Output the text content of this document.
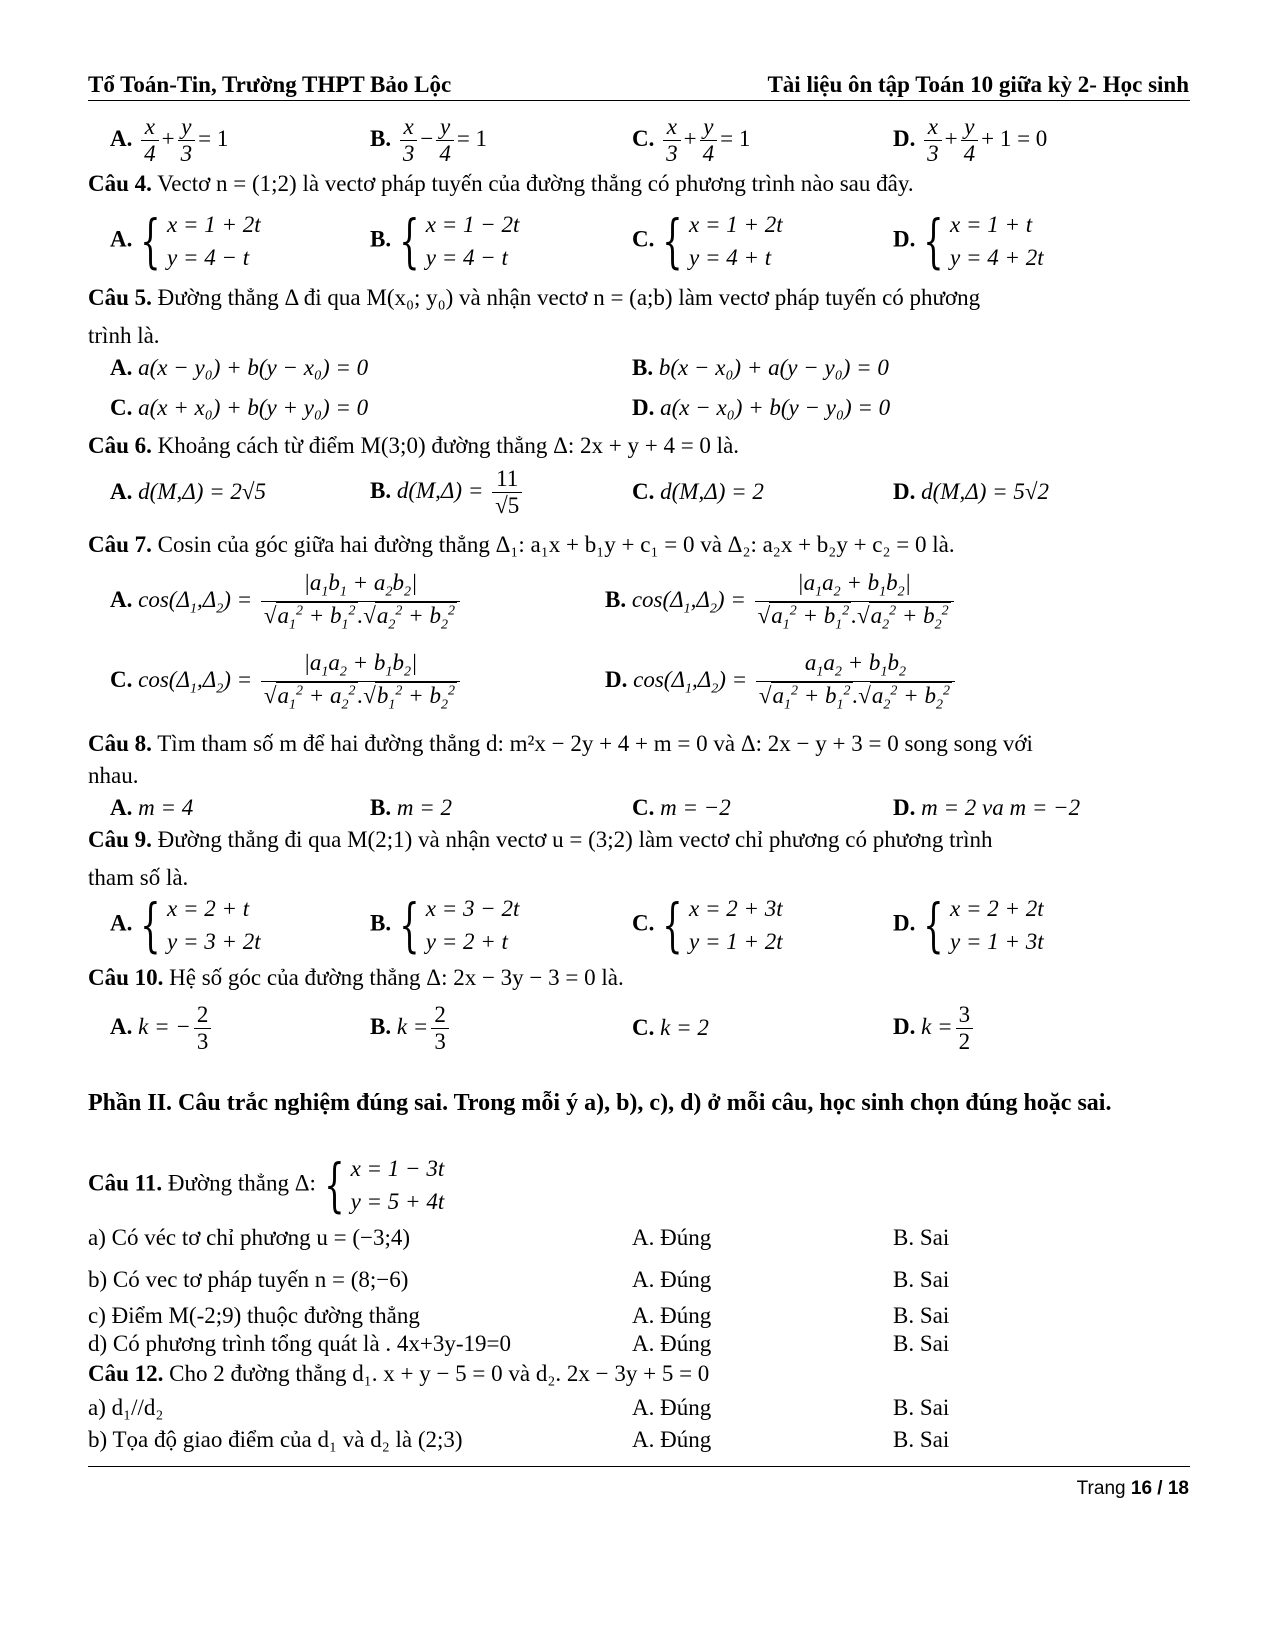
Tổ Toán-Tin, Trường THPT Bảo Lộc	Tài liệu ôn tập Toán 10 giữa kỳ 2- Học sinh
A. $\frac{x}{4} + \frac{y}{3} = 1$	B. $\frac{x}{3} - \frac{y}{4} = 1$	C. $\frac{x}{3} + \frac{y}{4} = 1$	D. $\frac{x}{3} + \frac{y}{4} + 1 = 0$
Câu 4. Vectơ n = (1;2) là vectơ pháp tuyến của đường thẳng có phương trình nào sau đây.
A. { x = 1 + 2t
y = 4 − t
B. { x = 1 − 2t
y = 4 − t
C. { x = 1 + 2t
y = 4 + t
D. { x = 1 + t
y = 4 + 2t
Câu 5. Đường thẳng Δ đi qua M(x₀; y₀) và nhận vectơ n = (a;b) làm vectơ pháp tuyến có phương
trình là.
A. a(x − y₀) + b(y − x₀) = 0	B. b(x − x₀) + a(y − y₀) = 0
C. a(x + x₀) + b(y + y₀) = 0	D. a(x − x₀) + b(y − y₀) = 0
Câu 6. Khoảng cách từ điểm M(3;0) đường thẳng Δ: 2x + y + 4 = 0 là.
A. d(M,Δ) = 2√5	B. $d(M,\Delta) = \frac{11}{√5}$	C. d(M,Δ) = 2	D. d(M,Δ) = 5√2
Câu 7. Cosin của góc giữa hai đường thẳng Δ₁: a₁x + b₁y + c₁ = 0 và Δ₂: a₂x + b₂y + c₂ = 0 là.
A. $\cos(\Delta_1,\Delta_2) = \frac{|a_1b_1 + a_2b_2|}{√a_1^2 + b_1^2.√a_2^2 + b_2^2}$	B. $\cos(\Delta_1,\Delta_2) = \frac{|a_1a_2 + b_1b_2|}{√a_1^2 + b_1^2.√a_2^2 + b_2^2}$
C. $\cos(\Delta_1,\Delta_2) = \frac{|a_1a_2 + b_1b_2|}{√a_1^2 + a_2^2.√b_1^2 + b_2^2}$	D. $\cos(\Delta_1,\Delta_2) = \frac{a_1a_2 + b_1b_2}{√a_1^2 + b_1^2.√a_2^2 + b_2^2}$
Câu 8. Tìm tham số m để hai đường thẳng d: m²x − 2y + 4 + m = 0 và Δ: 2x − y + 3 = 0 song song với
nhau.
A. m = 4	B. m = 2	C. m = −2	D. m = 2 va m = −2
Câu 9. Đường thẳng đi qua M(2;1) và nhận vectơ u = (3;2) làm vectơ chỉ phương có phương trình
tham số là.
A. { x = 2 + t
y = 3 + 2t
B. { x = 3 − 2t
y = 2 + t
C. { x = 2 + 3t
y = 1 + 2t
D. { x = 2 + 2t
y = 1 + 3t
Câu 10. Hệ số góc của đường thẳng Δ: 2x − 3y − 3 = 0 là.
A. k = − $\frac{2}{3}$	B. $k = \frac{2}{3}$	C. k = 2	D. $k = \frac{3}{2}$
Phần II. Câu trắc nghiệm đúng sai. Trong mỗi ý a), b), c), d) ở mỗi câu, học sinh chọn đúng hoặc sai.
Câu 11. Đường thẳng Δ: { x = 1 − 3t
y = 5 + 4t
a) Có véc tơ chỉ phương u = (−3;4)	A. Đúng	B. Sai
b) Có vec tơ pháp tuyến n = (8;−6)	A. Đúng	B. Sai
c) Điểm M(-2;9) thuộc đường thẳng	A. Đúng	B. Sai
d) Có phương trình tổng quát là . 4x+3y-19=0	A. Đúng	B. Sai
Câu 12. Cho 2 đường thẳng d₁. x + y − 5 = 0 và d₂. 2x − 3y + 5 = 0
a) d₁//d₂	A. Đúng	B. Sai
b) Tọa độ giao điểm của d₁ và d₂ là (2;3)	A. Đúng	B. Sai
Trang 16 / 18
